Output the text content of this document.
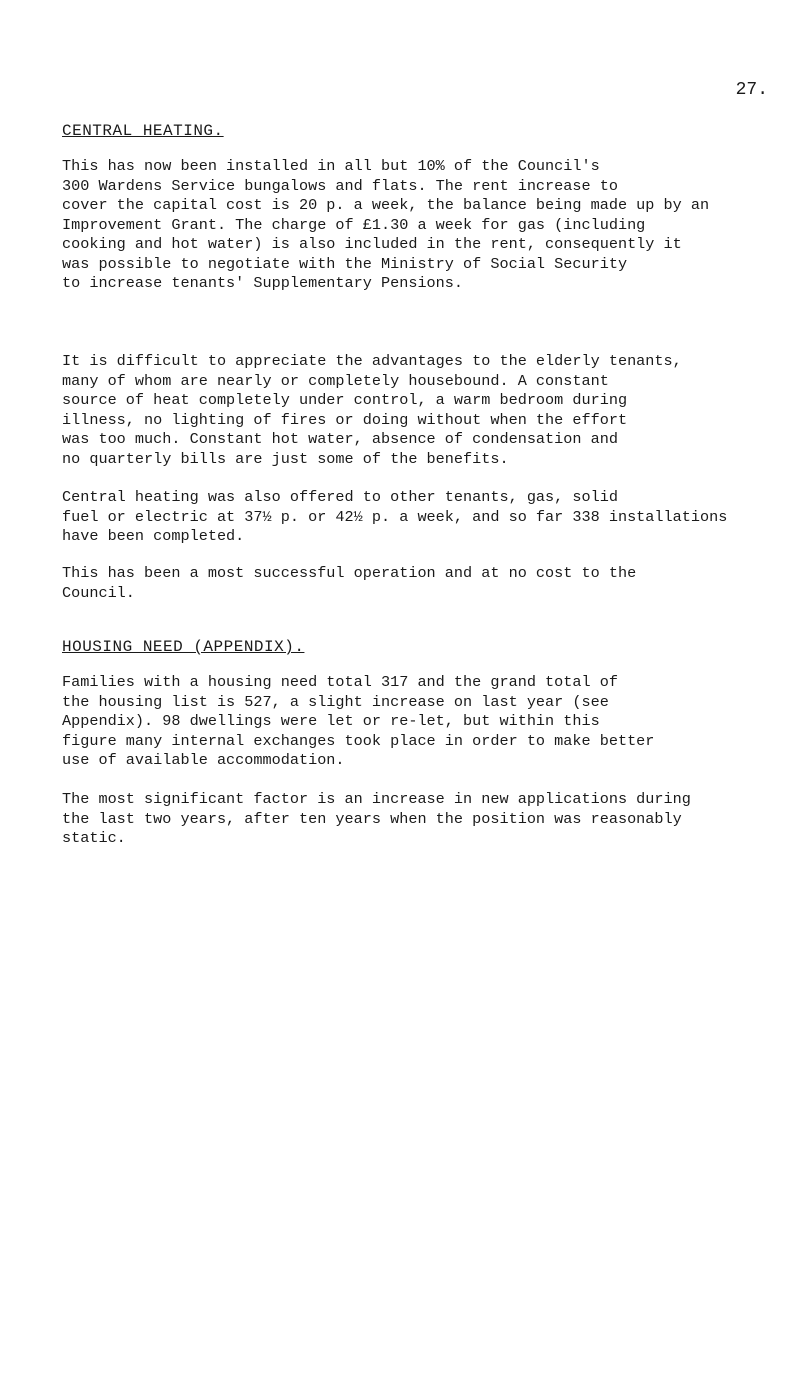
27.
CENTRAL HEATING.

This has now been installed in all but 10% of the Council's
300 Wardens Service bungalows and flats. The rent increase to
cover the capital cost is 20 p. a week, the balance being made up by an
Improvement Grant. The charge of £1.30 a week for gas (including
cooking and hot water) is also included in the rent, consequently it
was possible to negotiate with the Ministry of Social Security
to increase tenants' Supplementary Pensions.

It is difficult to appreciate the advantages to the elderly tenants,
many of whom are nearly or completely housebound. A constant
source of heat completely under control, a warm bedroom during
illness, no lighting of fires or doing without when the effort
was too much. Constant hot water, absence of condensation and
no quarterly bills are just some of the benefits.

Central heating was also offered to other tenants, gas, solid
fuel or electric at 37½ p. or 42½ p. a week, and so far 338 installations
have been completed.

This has been a most successful operation and at no cost to the
Council.

HOUSING NEED (APPENDIX).

Families with a housing need total 317 and the grand total of
the housing list is 527, a slight increase on last year (see
Appendix). 98 dwellings were let or re-let, but within this
figure many internal exchanges took place in order to make better
use of available accommodation.

The most significant factor is an increase in new applications during
the last two years, after ten years when the position was reasonably
static.
